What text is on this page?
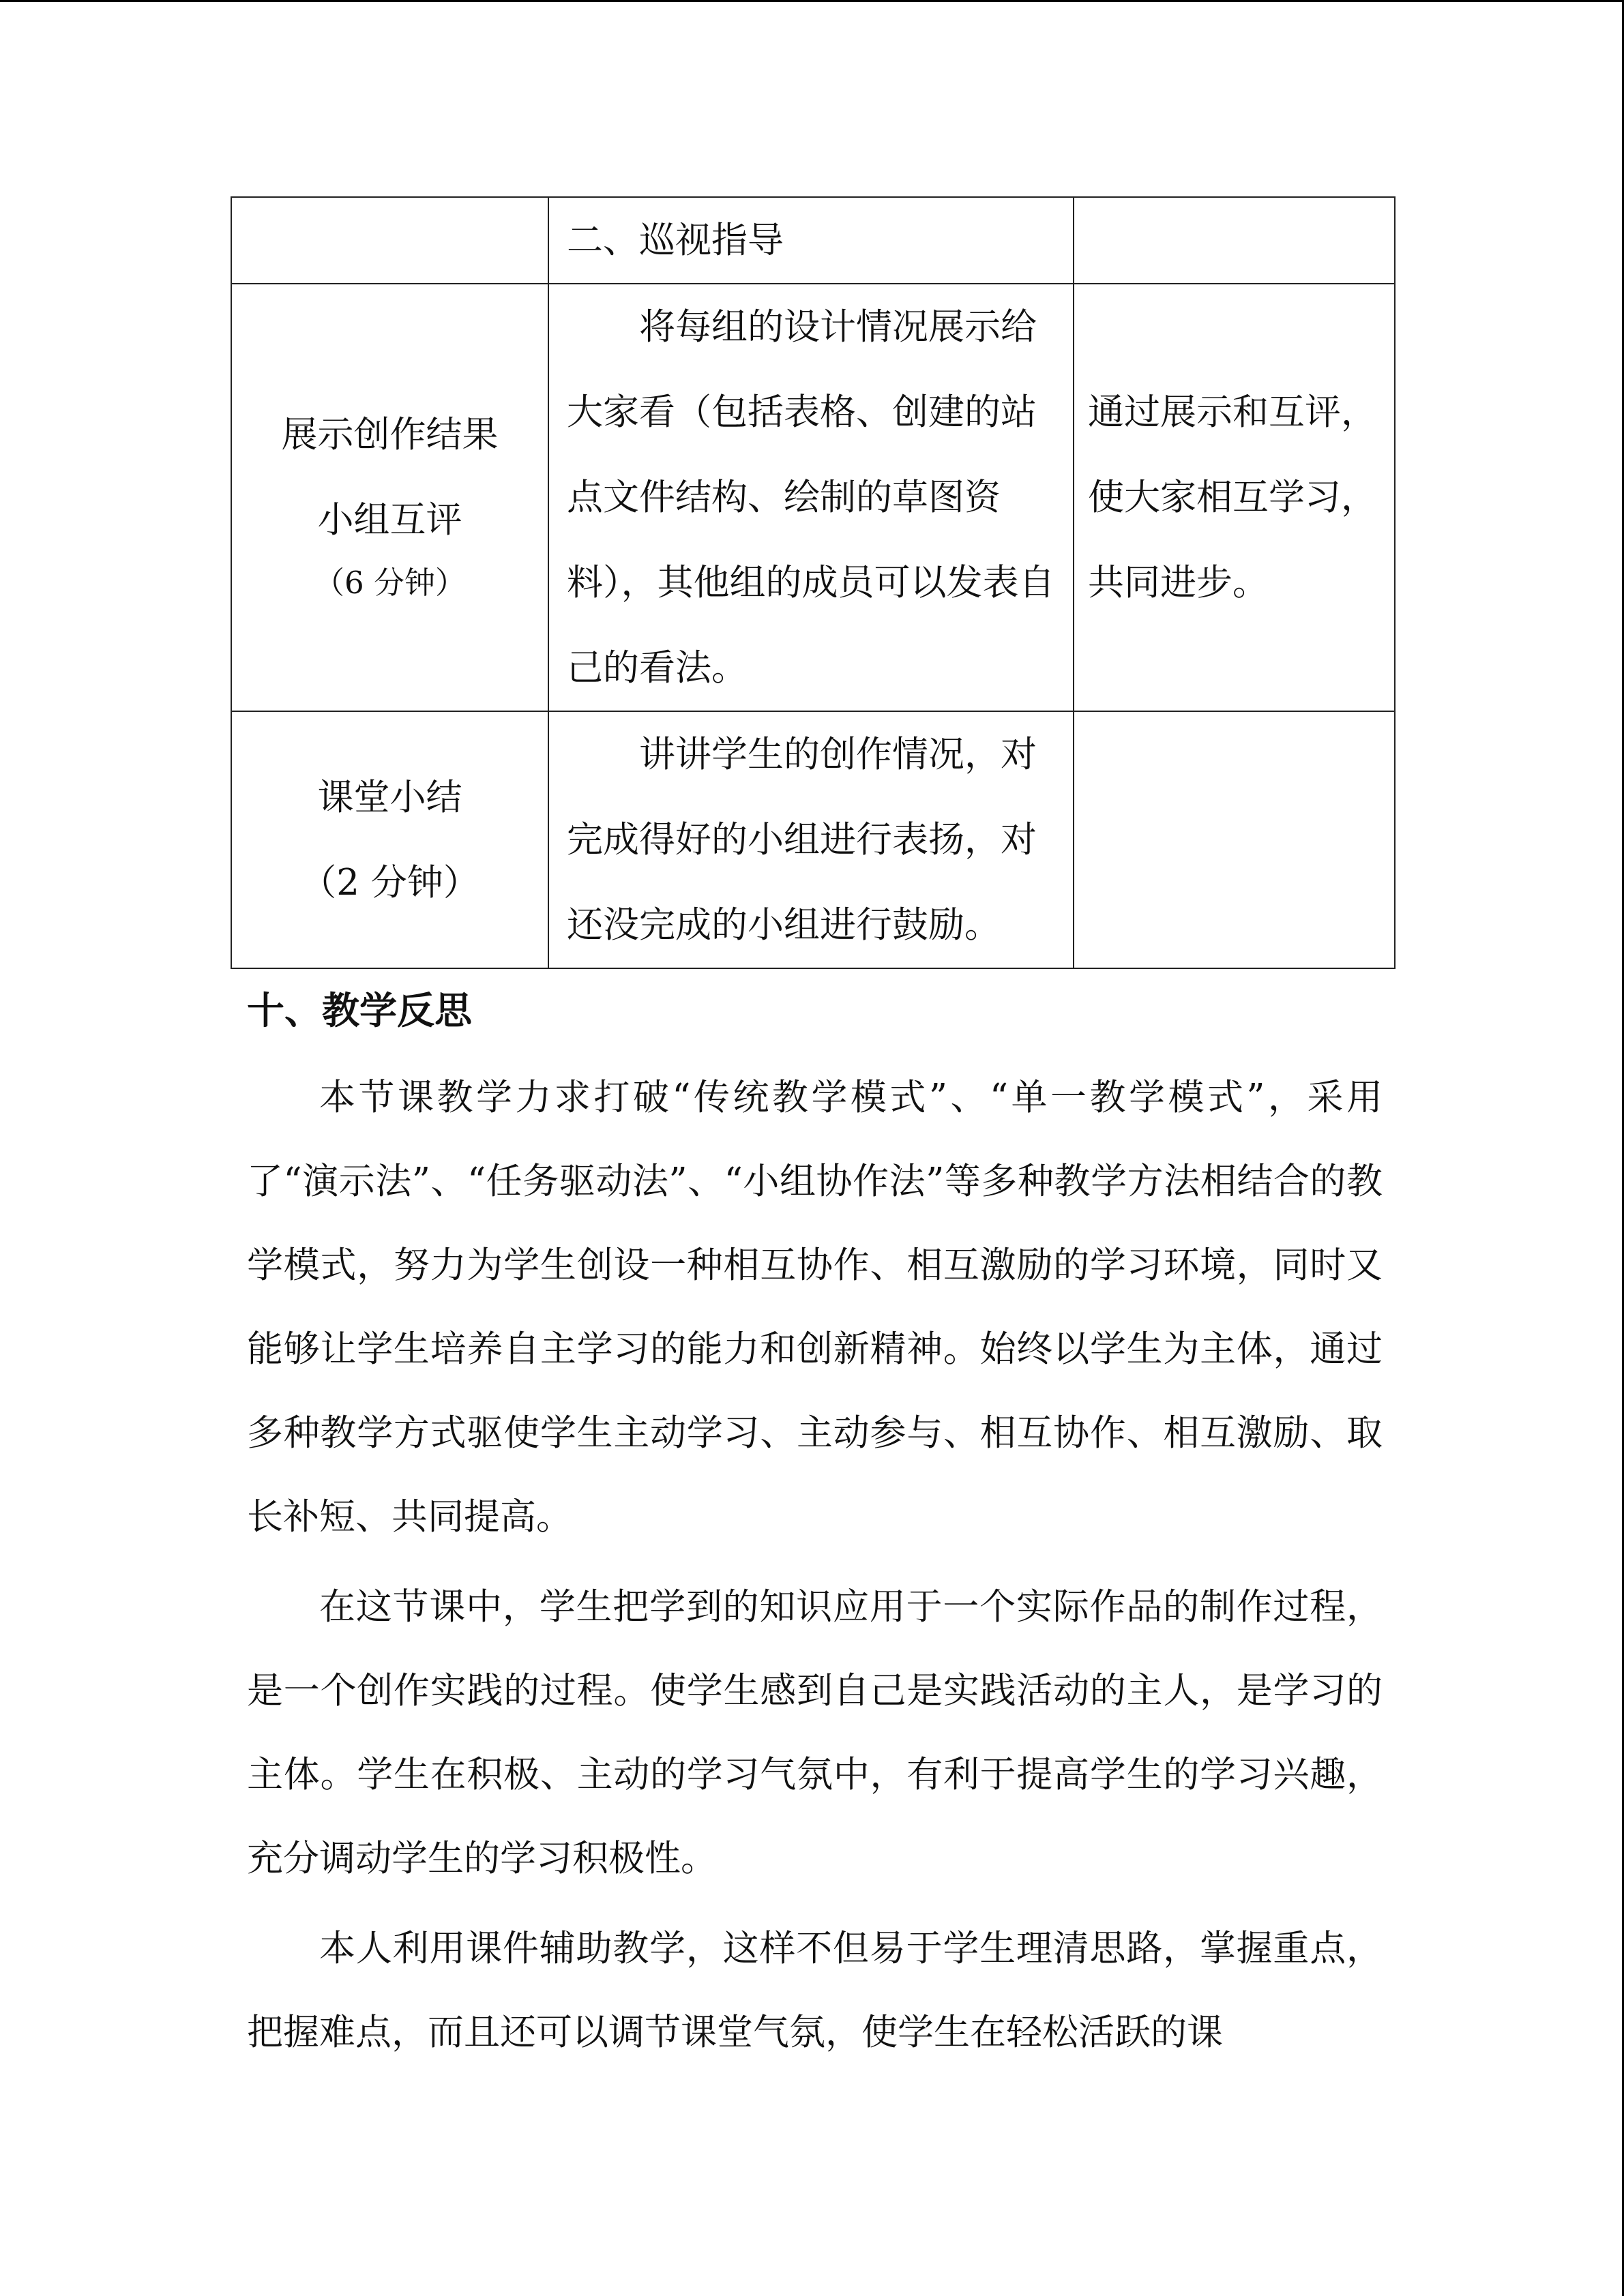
	二、巡视指导	

展示创作结果
小组互评
（6 分钟）	将每组的设计情况展示给大家看（包括表格、创建的站点文件结构、绘制的草图资料），其他组的成员可以发表自己的看法。	通过展示和互评，使大家相互学习，共同进步。

课堂小结
（2 分钟）	讲讲学生的创作情况，对完成得好的小组进行表扬，对还没完成的小组进行鼓励。	

十、教学反思

本节课教学力求打破“传统教学模式”、“单一教学模式”，采用了“演示法”、“任务驱动法”、“小组协作法”等多种教学方法相结合的教学模式，努力为学生创设一种相互协作、相互激励的学习环境，同时又能够让学生培养自主学习的能力和创新精神。始终以学生为主体，通过多种教学方式驱使学生主动学习、主动参与、相互协作、相互激励、取长补短、共同提高。

在这节课中，学生把学到的知识应用于一个实际作品的制作过程，是一个创作实践的过程。使学生感到自己是实践活动的主人，是学习的主体。学生在积极、主动的学习气氛中，有利于提高学生的学习兴趣，充分调动学生的学习积极性。

本人利用课件辅助教学，这样不但易于学生理清思路，掌握重点，把握难点，而且还可以调节课堂气氛，使学生在轻松活跃的课
